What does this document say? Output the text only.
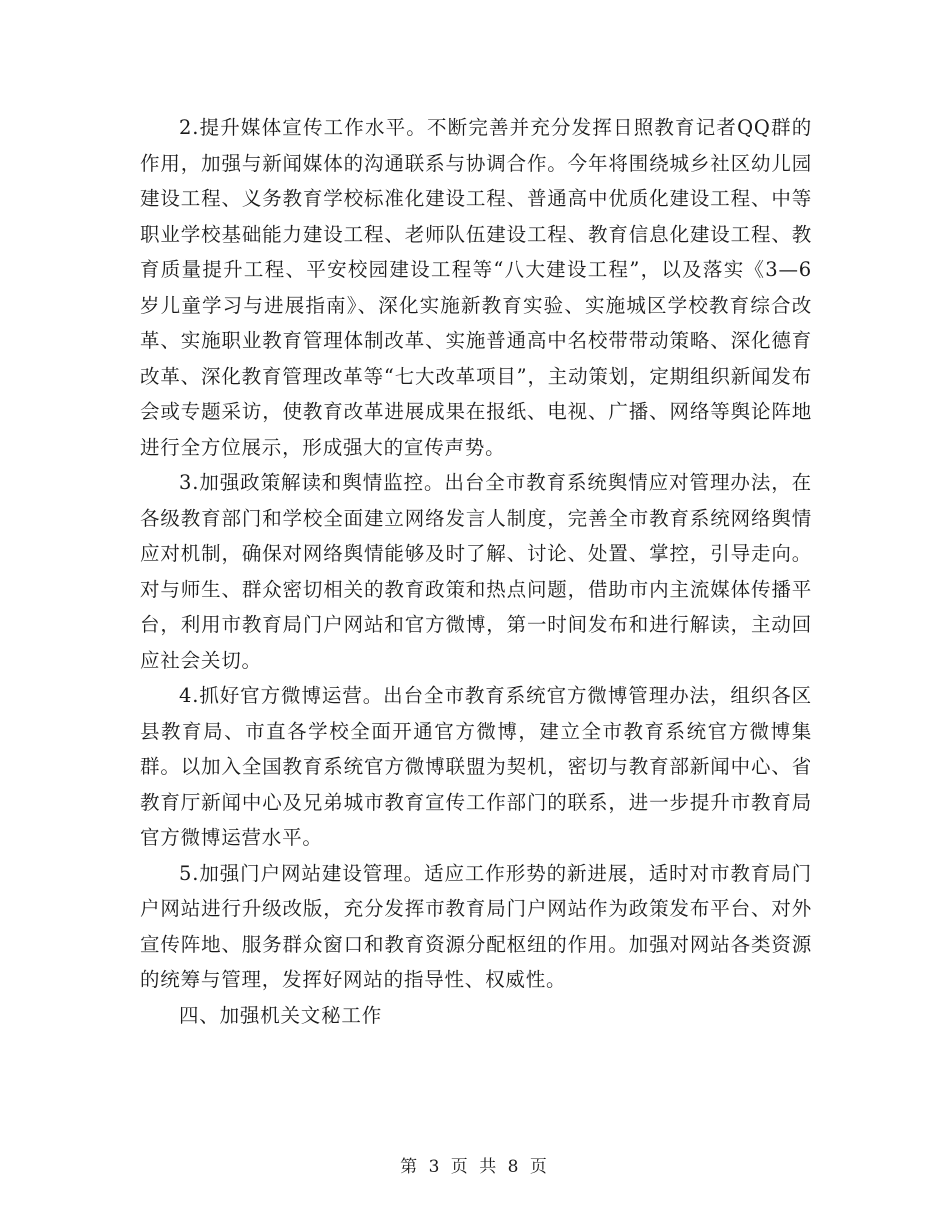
2.提升媒体宣传工作水平。不断完善并充分发挥日照教育记者QQ群的作用，加强与新闻媒体的沟通联系与协调合作。今年将围绕城乡社区幼儿园建设工程、义务教育学校标准化建设工程、普通高中优质化建设工程、中等职业学校基础能力建设工程、老师队伍建设工程、教育信息化建设工程、教育质量提升工程、平安校园建设工程等“八大建设工程”，以及落实《3—6岁儿童学习与进展指南》、深化实施新教育实验、实施城区学校教育综合改革、实施职业教育管理体制改革、实施普通高中名校带带动策略、深化德育改革、深化教育管理改革等“七大改革项目”，主动策划，定期组织新闻发布会或专题采访，使教育改革进展成果在报纸、电视、广播、网络等舆论阵地进行全方位展示，形成强大的宣传声势。

3.加强政策解读和舆情监控。出台全市教育系统舆情应对管理办法，在各级教育部门和学校全面建立网络发言人制度，完善全市教育系统网络舆情应对机制，确保对网络舆情能够及时了解、讨论、处置、掌控，引导走向。对与师生、群众密切相关的教育政策和热点问题，借助市内主流媒体传播平台，利用市教育局门户网站和官方微博，第一时间发布和进行解读，主动回应社会关切。

4.抓好官方微博运营。出台全市教育系统官方微博管理办法，组织各区县教育局、市直各学校全面开通官方微博，建立全市教育系统官方微博集群。以加入全国教育系统官方微博联盟为契机，密切与教育部新闻中心、省教育厅新闻中心及兄弟城市教育宣传工作部门的联系，进一步提升市教育局官方微博运营水平。

5.加强门户网站建设管理。适应工作形势的新进展，适时对市教育局门户网站进行升级改版，充分发挥市教育局门户网站作为政策发布平台、对外宣传阵地、服务群众窗口和教育资源分配枢纽的作用。加强对网站各类资源的统筹与管理，发挥好网站的指导性、权威性。

四、加强机关文秘工作

第 3 页 共 8 页
